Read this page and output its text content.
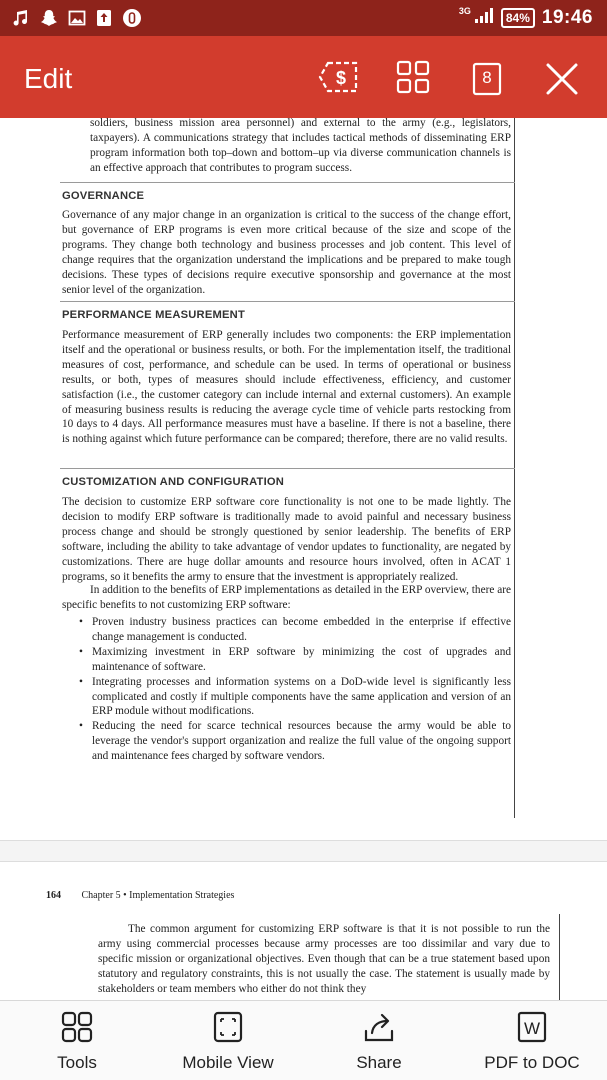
3G	84% 19:46
Edit	$	8

soldiers, business mission area personnel) and external to the army (e.g., legislators, taxpayers). A communications strategy that includes tactical methods of disseminating ERP program information both top–down and bottom–up via diverse communication channels is an effective approach that contributes to program success.

GOVERNANCE

Governance of any major change in an organization is critical to the success of the change effort, but governance of ERP programs is even more critical because of the size and scope of the programs. They change both technology and business processes and job content. This level of change requires that the organization understand the implications and be prepared to make tough decisions. These types of decisions require executive sponsorship and governance at the most senior level of the organization.

PERFORMANCE MEASUREMENT

Performance measurement of ERP generally includes two components: the ERP implementation itself and the operational or business results, or both. For the implementation itself, the traditional measures of cost, performance, and schedule can be used. In terms of operational or business results, or both, types of measures should include effectiveness, efficiency, and customer satisfaction (i.e., the customer category can include internal and external customers). An example of measuring business results is reducing the average cycle time of vehicle parts restocking from 10 days to 4 days. All performance measures must have a baseline. If there is not a baseline, there is nothing against which future performance can be compared; therefore, there are no valid results.

CUSTOMIZATION AND CONFIGURATION

The decision to customize ERP software core functionality is not one to be made lightly. The decision to modify ERP software is traditionally made to avoid painful and necessary business process change and should be strongly questioned by senior leadership. The benefits of ERP software, including the ability to take advantage of vendor updates to functionality, are negated by customizations. There are huge dollar amounts and resource hours involved, often in ACAT 1 programs, so it benefits the army to ensure that the investment is appropriately realized.

In addition to the benefits of ERP implementations as detailed in the ERP overview, there are specific benefits to not customizing ERP software:

• Proven industry business practices can become embedded in the enterprise if effective change management is conducted.
• Maximizing investment in ERP software by minimizing the cost of upgrades and maintenance of software.
• Integrating processes and information systems on a DoD-wide level is significantly less complicated and costly if multiple components have the same application and version of an ERP module without modifications.
• Reducing the need for scarce technical resources because the army would be able to leverage the vendor's support organization and realize the full value of the ongoing support and maintenance fees charged by software vendors.
164 Chapter 5 • Implementation Strategies

The common argument for customizing ERP software is that it is not possible to run the army using commercial processes because army processes are too dissimilar and vary due to specific mission or organizational objectives. Even though that can be a true statement based upon statutory and regulatory constraints, this is not usually the case. The statement is usually made by stakeholders or team members who either do not think they

Tools	Mobile View	Share
W
PDF to DOC
